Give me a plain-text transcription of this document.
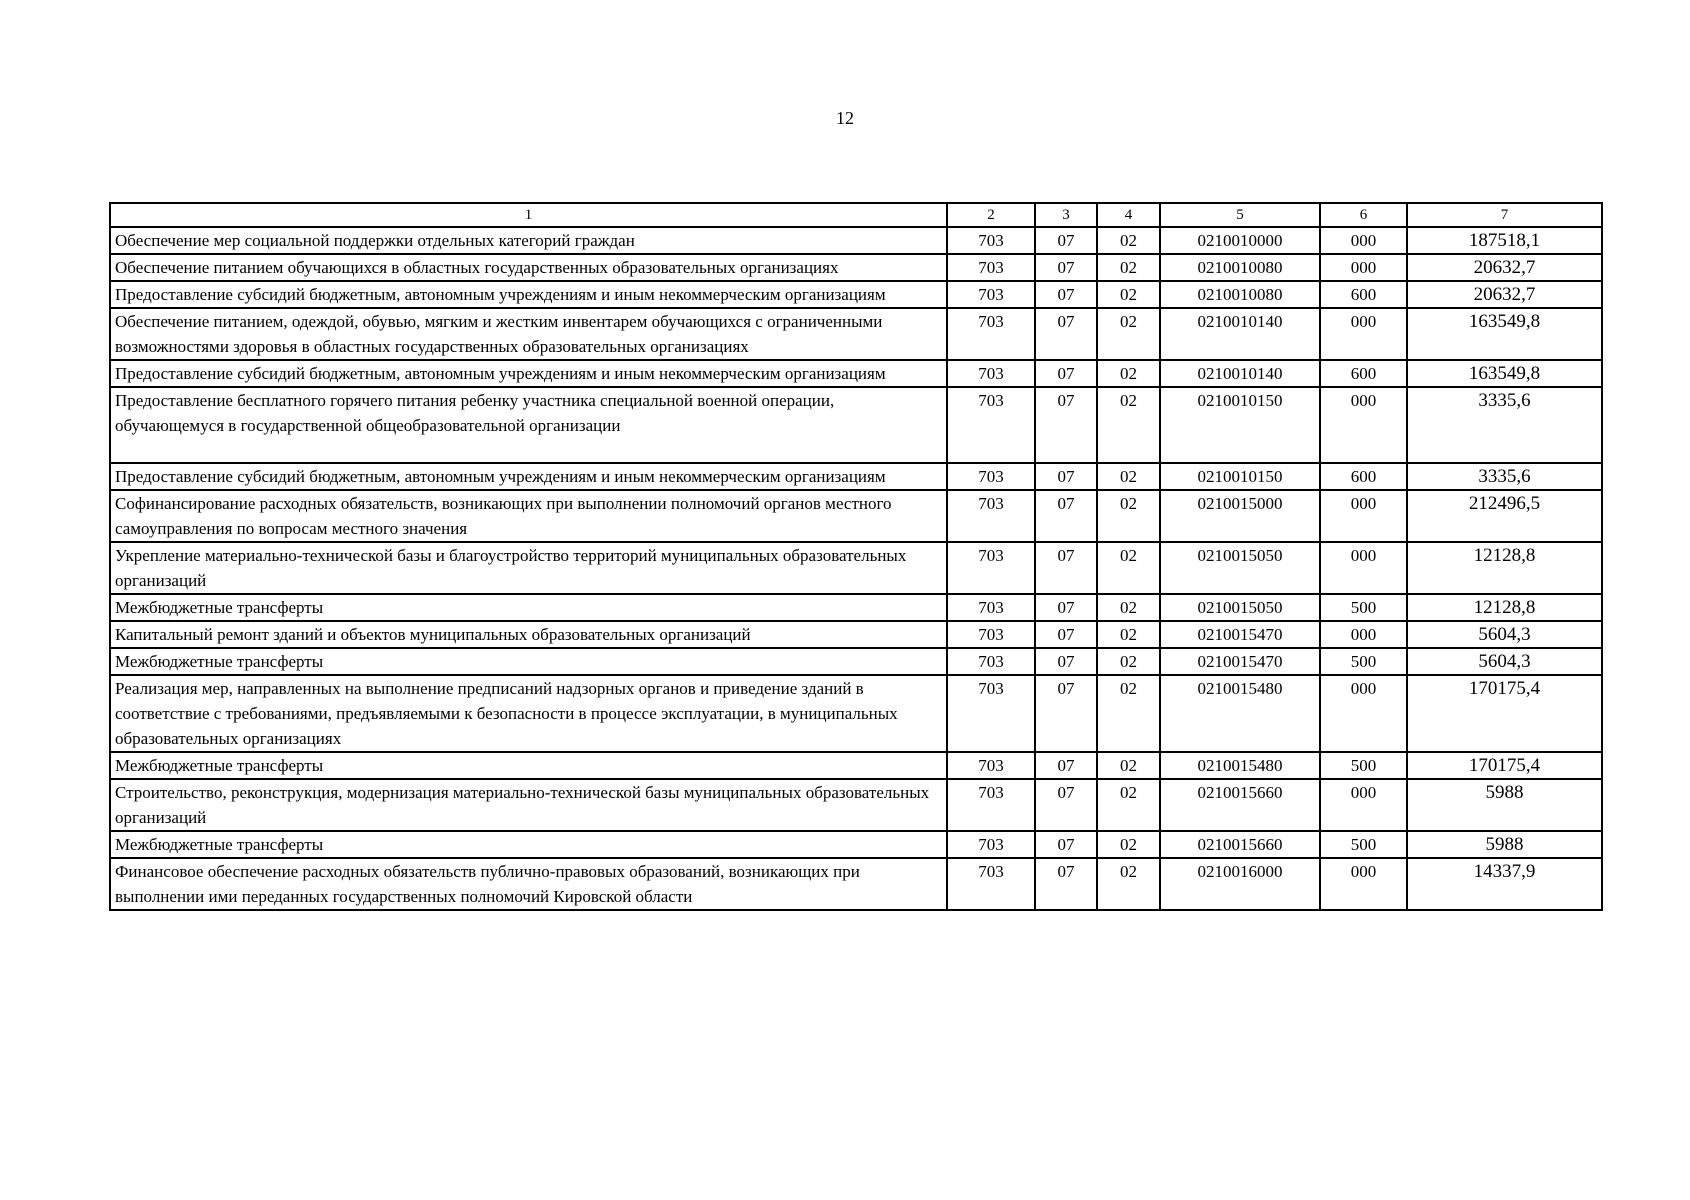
12
1	2	3	4	5	6	7
Обеспечение мер социальной поддержки отдельных категорий граждан	703	07	02	0210010000	000	187518,1
Обеспечение питанием обучающихся в областных государственных образовательных организациях	703	07	02	0210010080	000	20632,7
Предоставление субсидий бюджетным, автономным учреждениям и иным некоммерческим организациям	703	07	02	0210010080	600	20632,7
Обеспечение питанием, одеждой, обувью, мягким и жестким инвентарем обучающихся с ограниченными возможностями здоровья в областных государственных образовательных организациях	703	07	02	0210010140	000	163549,8
Предоставление субсидий бюджетным, автономным учреждениям и иным некоммерческим организациям	703	07	02	0210010140	600	163549,8
Предоставление бесплатного горячего питания ребенку участника специальной военной операции, обучающемуся в государственной общеобразовательной организации	703	07	02	0210010150	000	3335,6
Предоставление субсидий бюджетным, автономным учреждениям и иным некоммерческим организациям	703	07	02	0210010150	600	3335,6
Софинансирование расходных обязательств, возникающих при выполнении полномочий органов местного самоуправления по вопросам местного значения	703	07	02	0210015000	000	212496,5
Укрепление материально-технической базы и благоустройство территорий муниципальных образовательных организаций	703	07	02	0210015050	000	12128,8
Межбюджетные трансферты	703	07	02	0210015050	500	12128,8
Капитальный ремонт зданий и объектов муниципальных образовательных организаций	703	07	02	0210015470	000	5604,3
Межбюджетные трансферты	703	07	02	0210015470	500	5604,3
Реализация мер, направленных на выполнение предписаний надзорных органов и приведение зданий в соответствие с требованиями, предъявляемыми к безопасности в процессе эксплуатации, в муниципальных образовательных организациях	703	07	02	0210015480	000	170175,4
Межбюджетные трансферты	703	07	02	0210015480	500	170175,4
Строительство, реконструкция, модернизация материально-технической базы муниципальных образовательных организаций	703	07	02	0210015660	000	5988
Межбюджетные трансферты	703	07	02	0210015660	500	5988
Финансовое обеспечение расходных обязательств публично-правовых образований, возникающих при выполнении ими переданных государственных полномочий Кировской области	703	07	02	0210016000	000	14337,9
